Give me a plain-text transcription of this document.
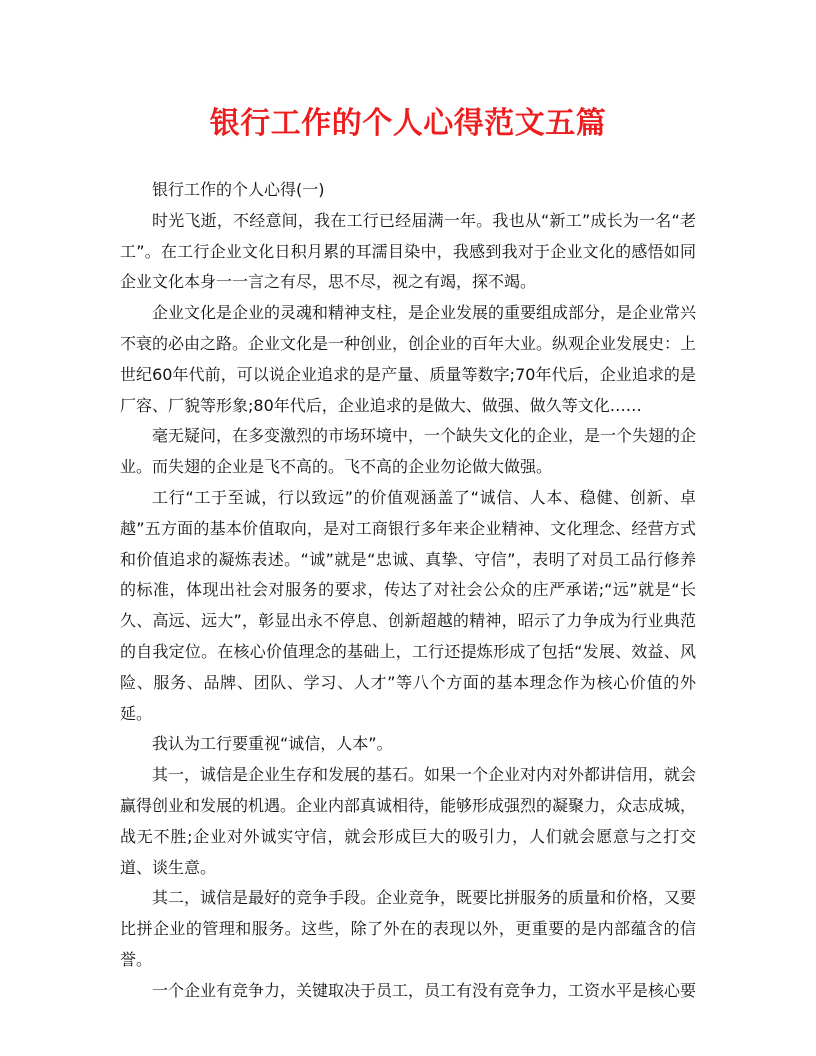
银行工作的个人心得范文五篇

银行工作的个人心得(一)

时光飞逝，不经意间，我在工行已经届满一年。我也从“新工”成长为一名“老工”。在工行企业文化日积月累的耳濡目染中，我感到我对于企业文化的感悟如同企业文化本身一一言之有尽，思不尽，视之有竭，探不竭。

企业文化是企业的灵魂和精神支柱，是企业发展的重要组成部分，是企业常兴不衰的必由之路。企业文化是一种创业，创企业的百年大业。纵观企业发展史：上世纪60年代前，可以说企业追求的是产量、质量等数字;70年代后，企业追求的是厂容、厂貌等形象;80年代后，企业追求的是做大、做强、做久等文化……

毫无疑问，在多变激烈的市场环境中，一个缺失文化的企业，是一个失翅的企业。而失翅的企业是飞不高的。飞不高的企业勿论做大做强。

工行“工于至诚，行以致远”的价值观涵盖了“诚信、人本、稳健、创新、卓越”五方面的基本价值取向，是对工商银行多年来企业精神、文化理念、经营方式和价值追求的凝炼表述。“诚”就是“忠诚、真挚、守信”，表明了对员工品行修养的标准，体现出社会对服务的要求，传达了对社会公众的庄严承诺;“远”就是“长久、高远、远大”，彰显出永不停息、创新超越的精神，昭示了力争成为行业典范的自我定位。在核心价值理念的基础上，工行还提炼形成了包括“发展、效益、风险、服务、品牌、团队、学习、人才”等八个方面的基本理念作为核心价值的外延。

我认为工行要重视“诚信，人本”。

其一，诚信是企业生存和发展的基石。如果一个企业对内对外都讲信用，就会赢得创业和发展的机遇。企业内部真诚相待，能够形成强烈的凝聚力，众志成城，战无不胜;企业对外诚实守信，就会形成巨大的吸引力，人们就会愿意与之打交道、谈生意。

其二，诚信是最好的竞争手段。企业竞争，既要比拼服务的质量和价格，又要比拼企业的管理和服务。这些，除了外在的表现以外，更重要的是内部蕴含的信誉。

一个企业有竞争力，关键取决于员工，员工有没有竞争力，工资水平是核心要
